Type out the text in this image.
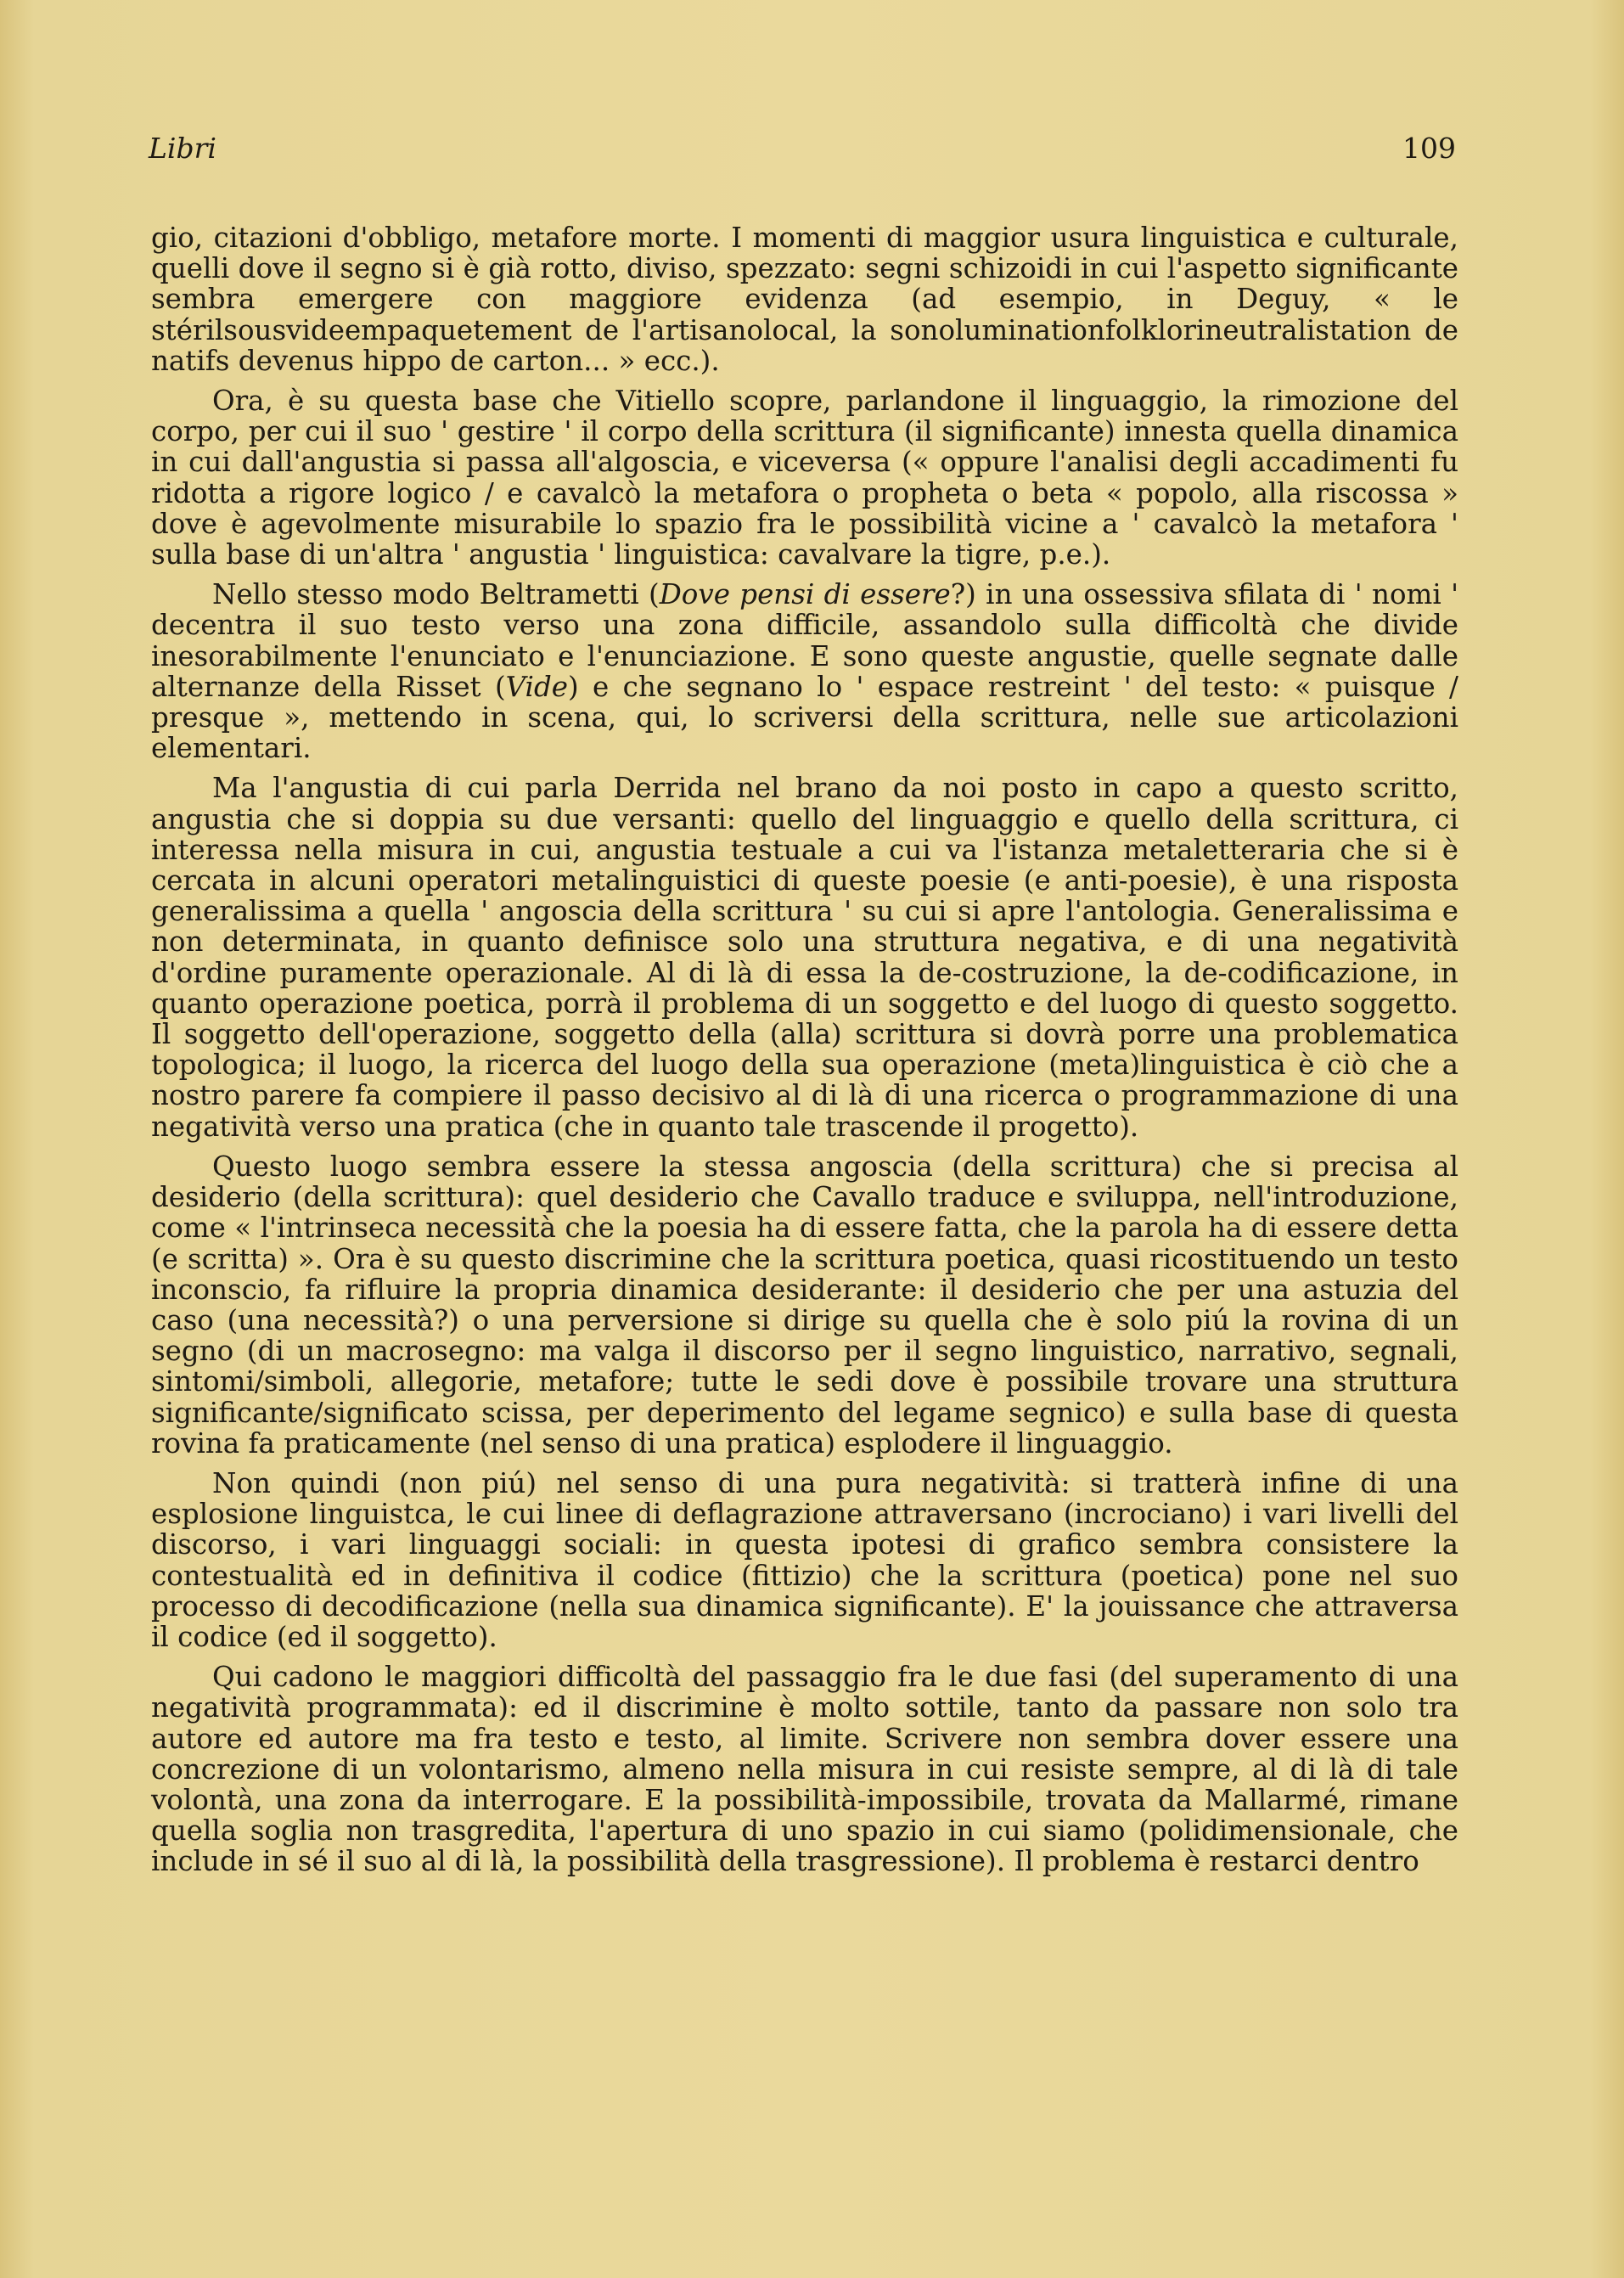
Libri	109

gio, citazioni d'obbligo, metafore morte. I momenti di maggior usura linguistica e culturale, quelli dove il segno si è già rotto, diviso, spezzato: segni schizoidi in cui l'aspetto significante sembra emergere con maggiore evidenza (ad esempio, in Deguy, « le stérilsousvideempaquetement de l'artisanolocal, la sonoluminationfolklorineutralistation de natifs devenus hippo de carton... » ecc.).

Ora, è su questa base che Vitiello scopre, parlandone il linguaggio, la rimozione del corpo, per cui il suo ' gestire ' il corpo della scrittura (il significante) innesta quella dinamica in cui dall'angustia si passa all'algoscia, e viceversa (« oppure l'analisi degli accadimenti fu ridotta a rigore logico / e cavalcò la metafora o propheta o beta « popolo, alla riscossa » dove è agevolmente misurabile lo spazio fra le possibilità vicine a ' cavalcò la metafora ' sulla base di un'altra ' angustia ' linguistica: cavalvare la tigre, p.e.).

Nello stesso modo Beltrametti (Dove pensi di essere?) in una ossessiva sfilata di ' nomi ' decentra il suo testo verso una zona difficile, assandolo sulla difficoltà che divide inesorabilmente l'enunciato e l'enunciazione. E sono queste angustie, quelle segnate dalle alternanze della Risset (Vide) e che segnano lo ' espace restreint ' del testo: « puisque / presque », mettendo in scena, qui, lo scriversi della scrittura, nelle sue articolazioni elementari.

Ma l'angustia di cui parla Derrida nel brano da noi posto in capo a questo scritto, angustia che si doppia su due versanti: quello del linguaggio e quello della scrittura, ci interessa nella misura in cui, angustia testuale a cui va l'istanza metaletteraria che si è cercata in alcuni operatori metalinguistici di queste poesie (e anti-poesie), è una risposta generalissima a quella ' angoscia della scrittura ' su cui si apre l'antologia. Generalissima e non determinata, in quanto definisce solo una struttura negativa, e di una negatività d'ordine puramente operazionale. Al di là di essa la de-costruzione, la de-codificazione, in quanto operazione poetica, porrà il problema di un soggetto e del luogo di questo soggetto. Il soggetto dell'operazione, soggetto della (alla) scrittura si dovrà porre una problematica topologica; il luogo, la ricerca del luogo della sua operazione (meta)linguistica è ciò che a nostro parere fa compiere il passo decisivo al di là di una ricerca o programmazione di una negatività verso una pratica (che in quanto tale trascende il progetto).

Questo luogo sembra essere la stessa angoscia (della scrittura) che si precisa al desiderio (della scrittura): quel desiderio che Cavallo traduce e sviluppa, nell'introduzione, come « l'intrinseca necessità che la poesia ha di essere fatta, che la parola ha di essere detta (e scritta) ». Ora è su questo discrimine che la scrittura poetica, quasi ricostituendo un testo inconscio, fa rifluire la propria dinamica desiderante: il desiderio che per una astuzia del caso (una necessità?) o una perversione si dirige su quella che è solo piú la rovina di un segno (di un macrosegno: ma valga il discorso per il segno linguistico, narrativo, segnali, sintomi/simboli, allegorie, metafore; tutte le sedi dove è possibile trovare una struttura significante/significato scissa, per deperimento del legame segnico) e sulla base di questa rovina fa praticamente (nel senso di una pratica) esplodere il linguaggio.

Non quindi (non piú) nel senso di una pura negatività: si tratterà infine di una esplosione linguistca, le cui linee di deflagrazione attraversano (incrociano) i vari livelli del discorso, i vari linguaggi sociali: in questa ipotesi di grafico sembra consistere la contestualità ed in definitiva il codice (fittizio) che la scrittura (poetica) pone nel suo processo di decodificazione (nella sua dinamica significante). E' la jouissance che attraversa il codice (ed il soggetto).

Qui cadono le maggiori difficoltà del passaggio fra le due fasi (del superamento di una negatività programmata): ed il discrimine è molto sottile, tanto da passare non solo tra autore ed autore ma fra testo e testo, al limite. Scrivere non sembra dover essere una concrezione di un volontarismo, almeno nella misura in cui resiste sempre, al di là di tale volontà, una zona da interrogare. E la possibilità-impossibile, trovata da Mallarmé, rimane quella soglia non trasgredita, l'apertura di uno spazio in cui siamo (polidimensionale, che include in sé il suo al di là, la possibilità della trasgressione). Il problema è restarci dentro
